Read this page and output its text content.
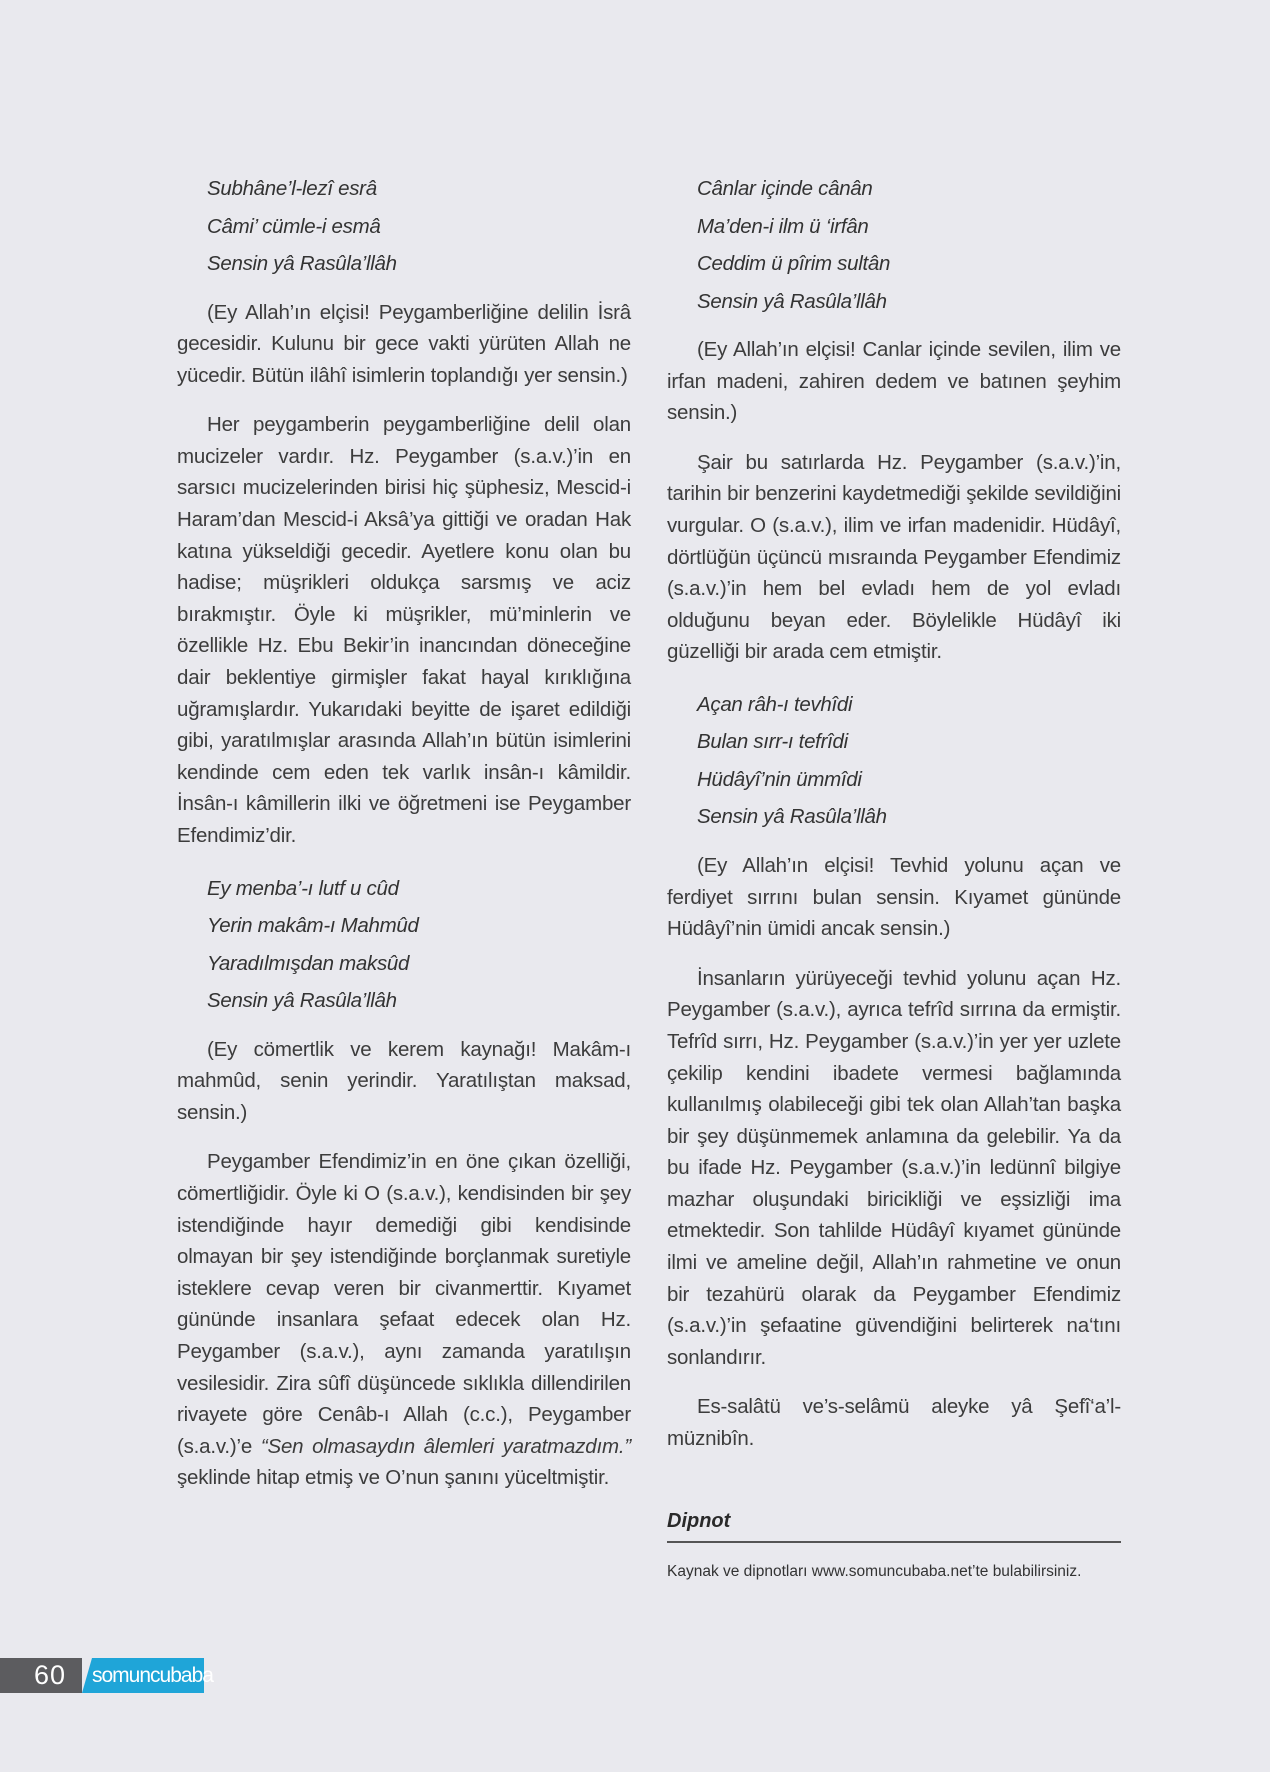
Subhâne’l-lezî esrâ

Câmi’ cümle-i esmâ

Sensin yâ Rasûla’llâh

(Ey Allah’ın elçisi! Peygamberliğine delilin İsrâ gecesidir. Kulunu bir gece vakti yürüten Allah ne yücedir. Bütün ilâhî isimlerin toplandığı yer sensin.)

Her peygamberin peygamberliğine delil olan mucizeler vardır. Hz. Peygamber (s.a.v.)’in en sarsıcı mucizelerinden birisi hiç şüphesiz, Mescid-i Haram’dan Mescid-i Aksâ’ya gittiği ve oradan Hak katına yükseldiği gecedir. Ayetlere konu olan bu hadise; müşrikleri oldukça sarsmış ve aciz bırakmıştır. Öyle ki müşrikler, mü’minlerin ve özellikle Hz. Ebu Bekir’in inancından döneceğine dair beklentiye girmişler fakat hayal kırıklığına uğramışlardır. Yukarıdaki beyitte de işaret edildiği gibi, yaratılmışlar arasında Allah’ın bütün isimlerini kendinde cem eden tek varlık insân-ı kâmildir. İnsân-ı kâmillerin ilki ve öğretmeni ise Peygamber Efendimiz’dir.

Ey menba’-ı lutf u cûd

Yerin makâm-ı Mahmûd

Yaradılmışdan maksûd

Sensin yâ Rasûla’llâh

(Ey cömertlik ve kerem kaynağı! Makâm-ı mahmûd, senin yerindir. Yaratılıştan maksad, sensin.)

Peygamber Efendimiz’in en öne çıkan özelliği, cömertliğidir. Öyle ki O (s.a.v.), kendisinden bir şey istendiğinde hayır demediği gibi kendisinde olmayan bir şey istendiğinde borçlanmak suretiyle isteklere cevap veren bir civanmerttir. Kıyamet gününde insanlara şefaat edecek olan Hz. Peygamber (s.a.v.), aynı zamanda yaratılışın vesilesidir. Zira sûfî düşüncede sıklıkla dillendirilen rivayete göre Cenâb-ı Allah (c.c.), Peygamber (s.a.v.)’e “Sen olmasaydın âlemleri yaratmazdım.” şeklinde hitap etmiş ve O’nun şanını yüceltmiştir.

Cânlar içinde cânân

Ma’den-i ilm ü ‘irfân

Ceddim ü pîrim sultân

Sensin yâ Rasûla’llâh

(Ey Allah’ın elçisi! Canlar içinde sevilen, ilim ve irfan madeni, zahiren dedem ve batınen şeyhim sensin.)

Şair bu satırlarda Hz. Peygamber (s.a.v.)’in, tarihin bir benzerini kaydetmediği şekilde sevildiğini vurgular. O (s.a.v.), ilim ve irfan madenidir. Hüdâyî, dörtlüğün üçüncü mısraında Peygamber Efendimiz (s.a.v.)’in hem bel evladı hem de yol evladı olduğunu beyan eder. Böylelikle Hüdâyî iki güzelliği bir arada cem etmiştir.

Açan râh-ı tevhîdi

Bulan sırr-ı tefrîdi

Hüdâyî’nin ümmîdi

Sensin yâ Rasûla’llâh

(Ey Allah’ın elçisi! Tevhid yolunu açan ve ferdiyet sırrını bulan sensin. Kıyamet gününde Hüdâyî’nin ümidi ancak sensin.)

İnsanların yürüyeceği tevhid yolunu açan Hz. Peygamber (s.a.v.), ayrıca tefrîd sırrına da ermiştir. Tefrîd sırrı, Hz. Peygamber (s.a.v.)’in yer yer uzlete çekilip kendini ibadete vermesi bağlamında kullanılmış olabileceği gibi tek olan Allah’tan başka bir şey düşünmemek anlamına da gelebilir. Ya da bu ifade Hz. Peygamber (s.a.v.)’in ledünnî bilgiye mazhar oluşundaki biricikliği ve eşsizliği ima etmektedir. Son tahlilde Hüdâyî kıyamet gününde ilmi ve ameline değil, Allah’ın rahmetine ve onun bir tezahürü olarak da Peygamber Efendimiz (s.a.v.)’in şefaatine güvendiğini belirterek na‘tını sonlandırır.

Es-salâtü ve’s-selâmü aleyke yâ Şefî‘a’l-müznibîn.

Dipnot
Kaynak ve dipnotları www.somuncubaba.net’te bulabilirsiniz.
60 somuncubaba
